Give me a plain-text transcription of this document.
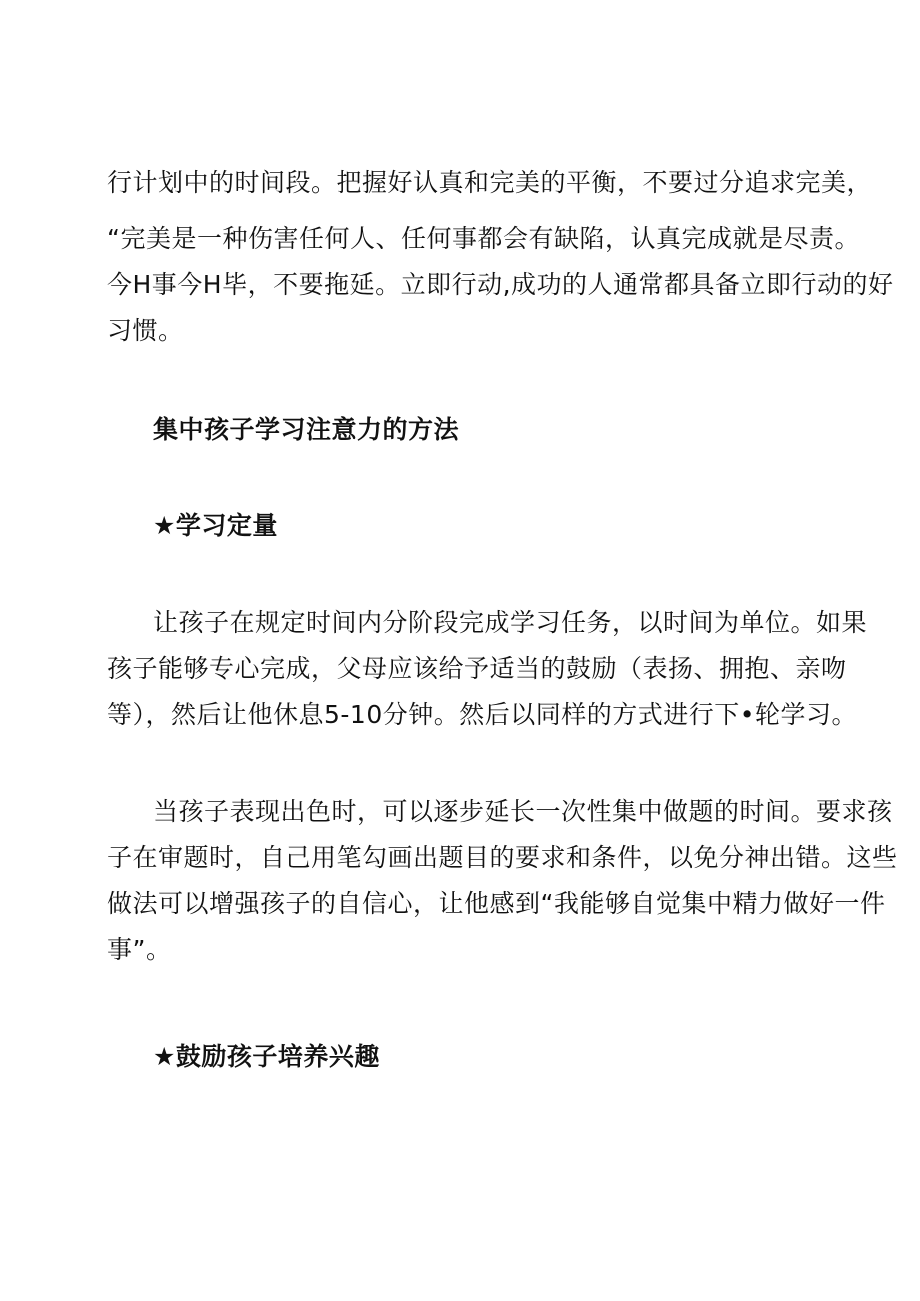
行计划中的时间段。把握好认真和完美的平衡，不要过分追求完美，

“完美是一种伤害任何人、任何事都会有缺陷，认真完成就是尽责。

今H事今H毕，不要拖延。立即行动,成功的人通常都具备立即行动的好

习惯。

集中孩子学习注意力的方法
★学习定量

让孩子在规定时间内分阶段完成学习任务，以时间为单位。如果

孩子能够专心完成，父母应该给予适当的鼓励（表扬、拥抱、亲吻

等），然后让他休息5-10分钟。然后以同样的方式进行下•轮学习。

当孩子表现出色时，可以逐步延长一次性集中做题的时间。要求孩

子在审题时，自己用笔勾画出题目的要求和条件，以免分神出错。这些

做法可以增强孩子的自信心，让他感到“我能够自觉集中精力做好一件

事”。

★鼓励孩子培养兴趣
